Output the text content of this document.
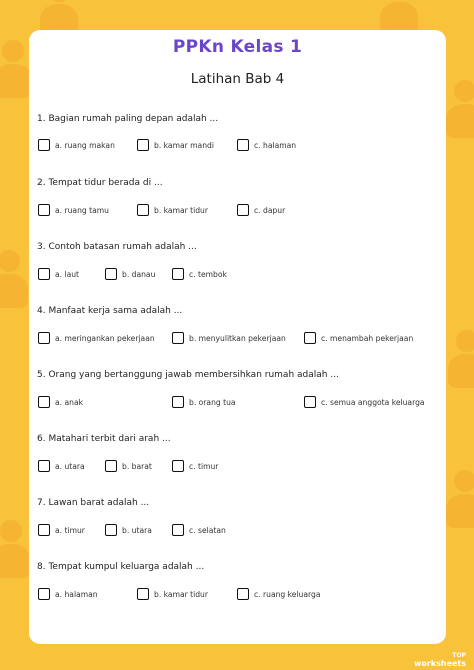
PPKn Kelas 1
Latihan Bab 4
1. Bagian rumah paling depan adalah ...
a. ruang makan	b. kamar mandi	c. halaman
2. Tempat tidur berada di ...
a. ruang tamu	b. kamar tidur	c. dapur
3. Contoh batasan rumah adalah ...
a. laut	b. danau	c. tembok
4. Manfaat kerja sama adalah ...
a. meringankan pekerjaan	b. menyulitkan pekerjaan	c. menambah pekerjaan
5. Orang yang bertanggung jawab membersihkan rumah adalah ...
a. anak	b. orang tua	c. semua anggota keluarga
6. Matahari terbit dari arah ...
a. utara	b. barat	c. timur
7. Lawan barat adalah ...
a. timur	b. utara	c. selatan
8. Tempat kumpul keluarga adalah ...
a. halaman	b. kamar tidur	c. ruang keluarga
TOP
worksheets
